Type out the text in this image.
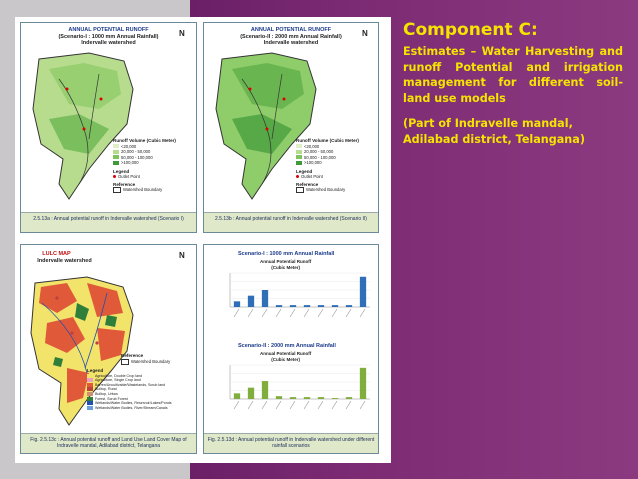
ANNUAL POTENTIAL RUNOFF
(Scenario-I : 1000 mm Annual Rainfall)
Indervalle watershed
N
Runoff Volume (Cubic Meter)
<20,000
20,000 - 50,000
50,000 - 100,000
>100,000
Legend
Outlet Point
Reference
Watershed Boundary
2.5.13a : Annual potential runoff in Indervalle watershed (Scenario I)
ANNUAL POTENTIAL RUNOFF
(Scenario-II : 2000 mm Annual Rainfall)
Indervalle watershed
N
Runoff Volume (Cubic Meter)
<20,000
20,000 - 50,000
50,000 - 100,000
>100,000
Legend
Outlet Point
Reference
Watershed Boundary
2.5.13b : Annual potential runoff in Indervalle watershed (Scenario II)
LULC MAP
Indervalle watershed
N
Reference
Watershed Boundary
Legend
Agriculture, Double Crop land
Agriculture, Single Crop land
Barren/Uncultivable/Wastelands, Scrub land
Builtup, Rural
Builtup, Urban
Forest, Scrub Forest
Wetlands/Water Bodies, Reservoir/Lakes/Ponds
Wetlands/Water Bodies, River/Stream/Canals
Fig. 2.5.13c : Annual potential runoff and Land Use Land Cover Map of Indravelle mandal, Adilabad district, Telangana
Scenario-I : 1000 mm Annual Rainfall
Annual Potential Runoff
(Cubic Meter)
Scenario-II : 2000 mm Annual Rainfall
Annual Potential Runoff
(Cubic Meter)
Fig. 2.5.13d : Annual potential runoff in Indervalle watershed under different rainfall scenarios
Component C:
Estimates – Water Harvesting and runoff Potential and irrigation management for different soil- land use models
(Part of Indravelle mandal, Adilabad district, Telangana)
